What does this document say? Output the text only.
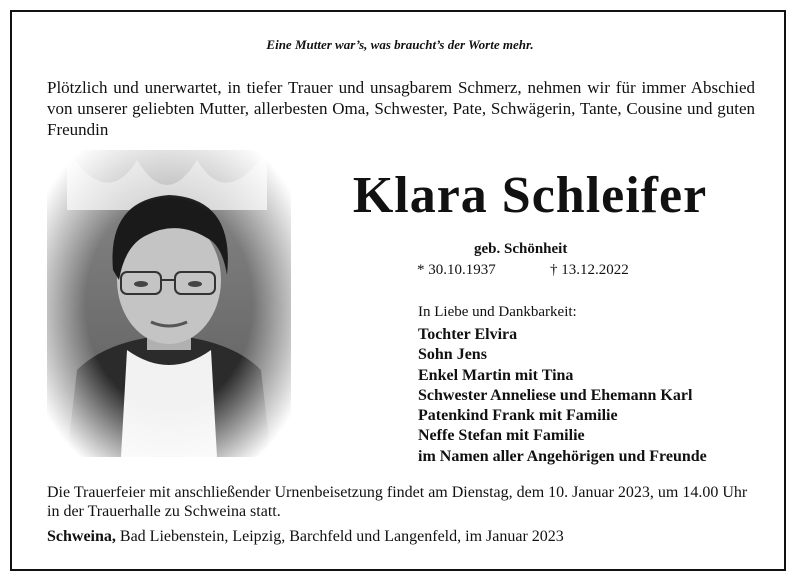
Eine Mutter war’s, was braucht’s der Worte mehr.
Plötzlich und unerwartet, in tiefer Trauer und unsagbarem Schmerz, nehmen wir für immer Abschied von unserer geliebten Mutter, allerbesten Oma, Schwester, Pate, Schwägerin, Tante, Cousine und guten Freundin
Klara Schleifer
geb. Schönheit
* 30.10.1937	† 13.12.2022
In Liebe und Dankbarkeit:
Tochter Elvira
Sohn Jens
Enkel Martin mit Tina
Schwester Anneliese und Ehemann Karl
Patenkind Frank mit Familie
Neffe Stefan mit Familie
im Namen aller Angehörigen und Freunde
Die Trauerfeier mit anschließender Urnenbeisetzung findet am Dienstag, dem 10. Januar 2023, um 14.00 Uhr in der Trauerhalle zu Schweina statt.
Schweina, Bad Liebenstein, Leipzig, Barchfeld und Langenfeld, im Januar 2023
